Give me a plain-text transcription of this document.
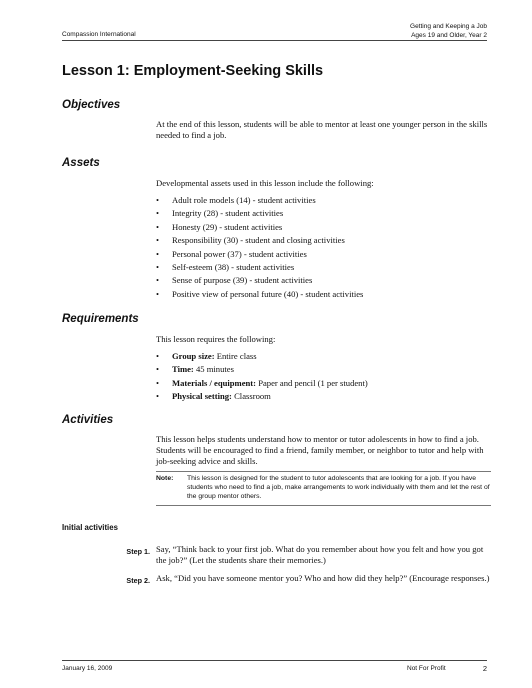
Compassion International
Getting and Keeping a Job
Ages 19 and Older, Year 2
Lesson 1: Employment-Seeking Skills
Objectives

At the end of this lesson, students will be able to mentor at least one younger person in the skills needed to find a job.

Assets

Developmental assets used in this lesson include the following:

• Adult role models (14) - student activities
• Integrity (28) - student activities
• Honesty (29) - student activities
• Responsibility (30) - student and closing activities
• Personal power (37) - student activities
• Self-esteem (38) - student activities
• Sense of purpose (39) - student activities
• Positive view of personal future (40) - student activities
Requirements

This lesson requires the following:

• Group size: Entire class
• Time: 45 minutes
• Materials / equipment: Paper and pencil (1 per student)
• Physical setting: Classroom
Activities

This lesson helps students understand how to mentor or tutor adolescents in how to find a job. Students will be encouraged to find a friend, family member, or neighbor to tutor and help with job-seeking advice and skills.

Note: This lesson is designed for the student to tutor adolescents that are looking for a job. If you have students who need to find a job, make arrangements to work individually with them and let the rest of the group mentor others.
Initial activities
Step 1. Say, “Think back to your first job. What do you remember about how you felt and how you got the job?” (Let the students share their memories.)
Step 2. Ask, “Did you have someone mentor you? Who and how did they help?” (Encourage responses.)
January 16, 2009	Not For Profit	2
